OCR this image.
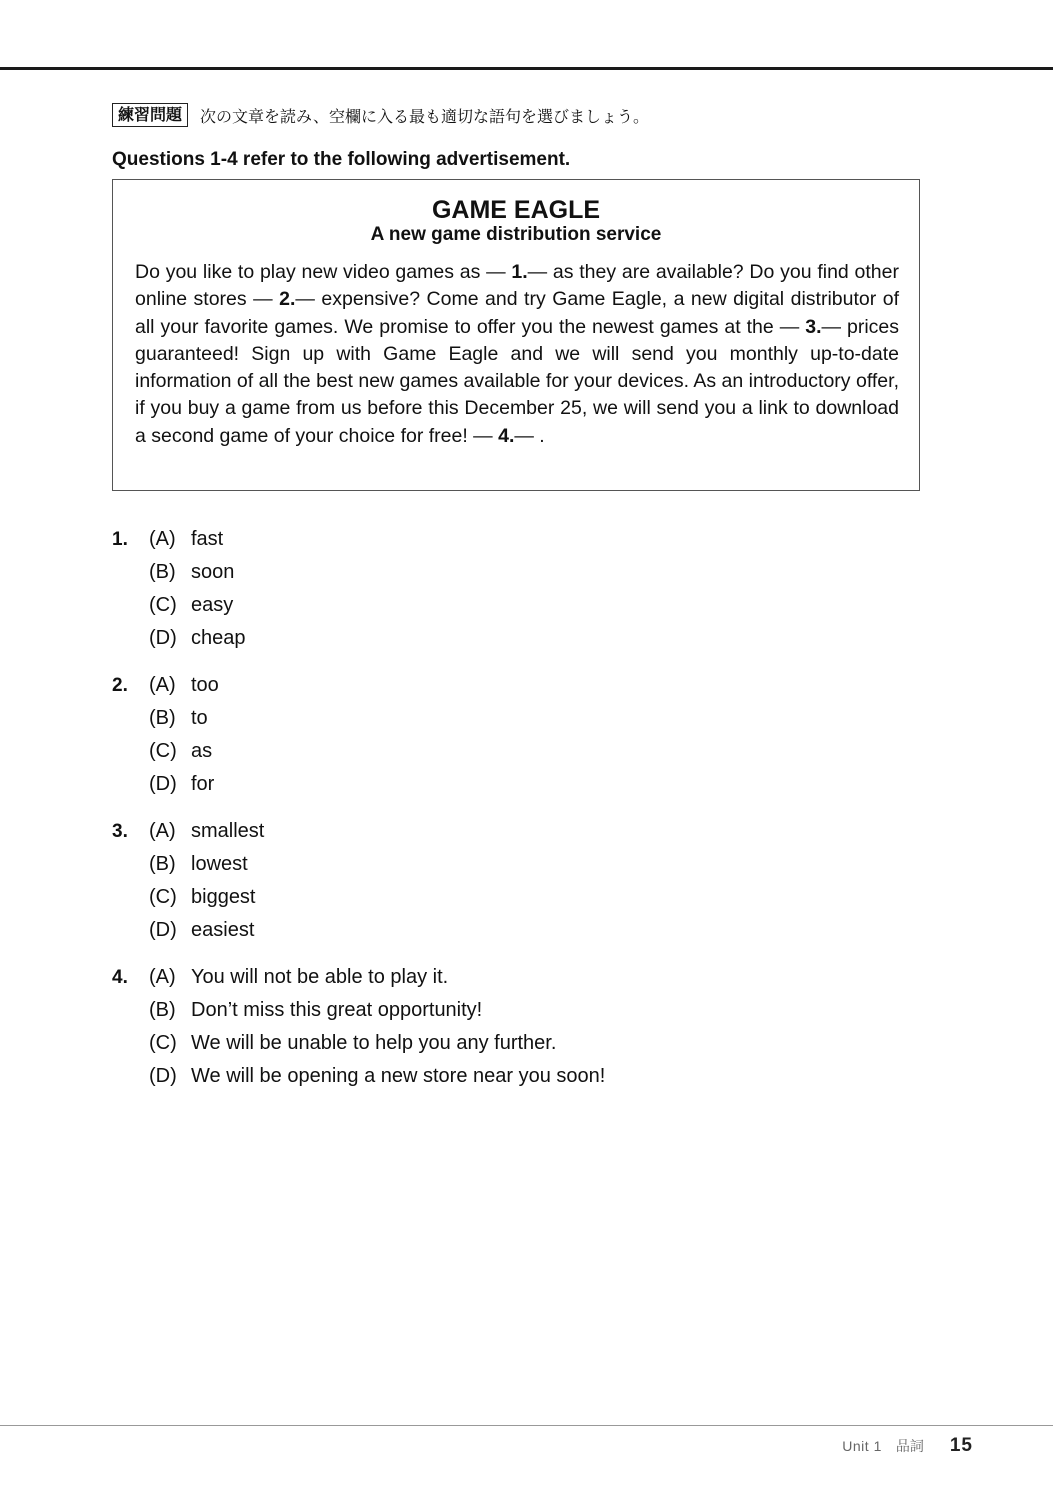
練習問題	次の文章を読み、空欄に入る最も適切な語句を選びましょう。
Questions 1-4 refer to the following advertisement.
GAME EAGLE
A new game distribution service
Do you like to play new video games as — 1.— as they are available? Do you find other online stores — 2.— expensive? Come and try Game Eagle, a new digital distributor of all your favorite games. We promise to offer you the newest games at the — 3.— prices guaranteed! Sign up with Game Eagle and we will send you monthly up-to-date information of all the best new games available for your devices. As an introductory offer, if you buy a game from us before this December 25, we will send you a link to download a second game of your choice for free! — 4.— .
1. (A) fast
(B) soon
(C) easy
(D) cheap
2. (A) too
(B) to
(C) as
(D) for
3. (A) smallest
(B) lowest
(C) biggest
(D) easiest
4. (A) You will not be able to play it.
(B) Don’t miss this great opportunity!
(C) We will be unable to help you any further.
(D) We will be opening a new store near you soon!
Unit 1 品詞 15
